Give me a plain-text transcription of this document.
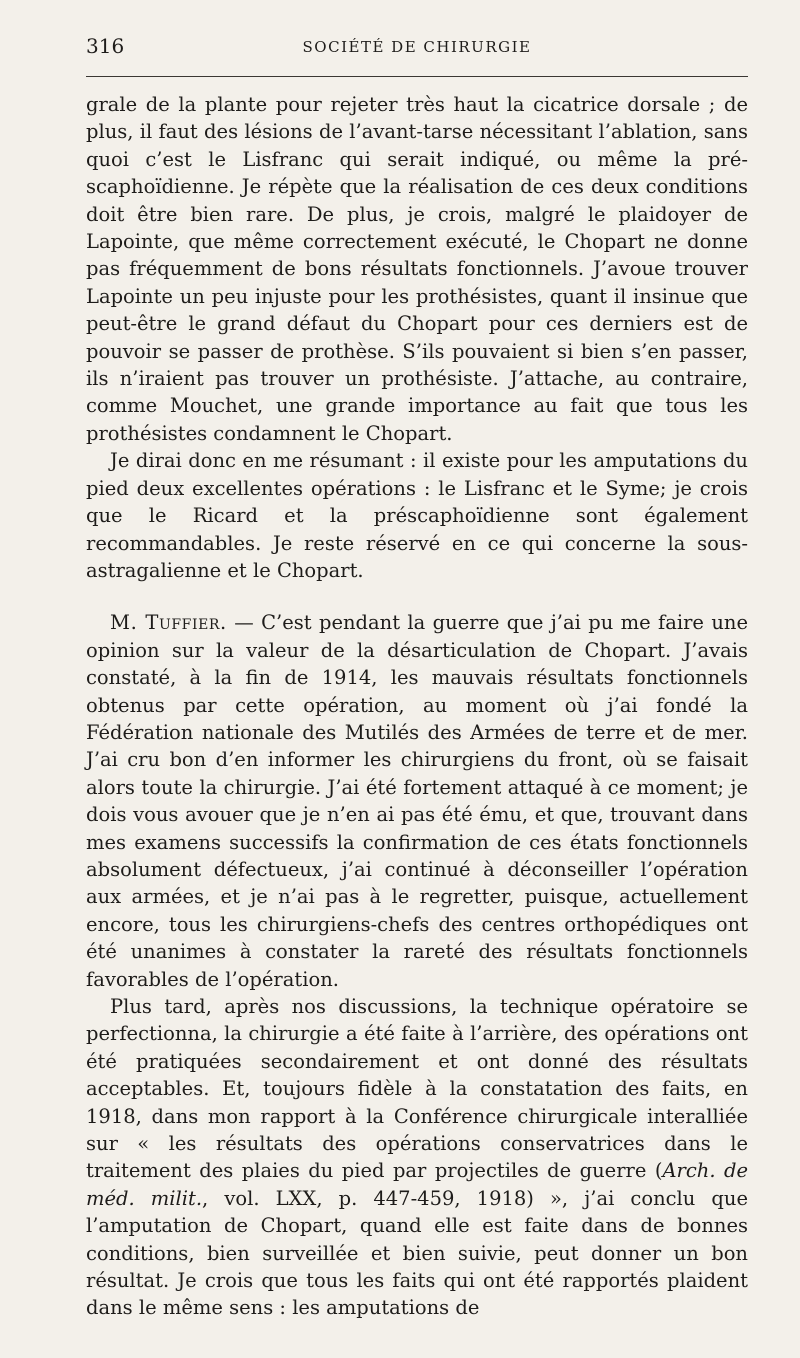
316	SOCIÉTÉ DE CHIRURGIE

grale de la plante pour rejeter très haut la cicatrice dorsale ; de plus, il faut des lésions de l’avant-tarse nécessitant l’ablation, sans quoi c’est le Lisfranc qui serait indiqué, ou même la pré-scaphoïdienne. Je répète que la réalisation de ces deux conditions doit être bien rare. De plus, je crois, malgré le plaidoyer de Lapointe, que même correctement exécuté, le Chopart ne donne pas fréquemment de bons résultats fonctionnels. J’avoue trouver Lapointe un peu injuste pour les prothésistes, quant il insinue que peut-être le grand défaut du Chopart pour ces derniers est de pouvoir se passer de prothèse. S’ils pouvaient si bien s’en passer, ils n’iraient pas trouver un prothésiste. J’attache, au contraire, comme Mouchet, une grande importance au fait que tous les prothésistes condamnent le Chopart.

Je dirai donc en me résumant : il existe pour les amputations du pied deux excellentes opérations : le Lisfranc et le Syme; je crois que le Ricard et la préscaphoïdienne sont également recommandables. Je reste réservé en ce qui concerne la sous-astragalienne et le Chopart.

M. Tuffier. — C’est pendant la guerre que j’ai pu me faire une opinion sur la valeur de la désarticulation de Chopart. J’avais constaté, à la fin de 1914, les mauvais résultats fonctionnels obtenus par cette opération, au moment où j’ai fondé la Fédération nationale des Mutilés des Armées de terre et de mer. J’ai cru bon d’en informer les chirurgiens du front, où se faisait alors toute la chirurgie. J’ai été fortement attaqué à ce moment; je dois vous avouer que je n’en ai pas été ému, et que, trouvant dans mes examens successifs la confirmation de ces états fonctionnels absolument défectueux, j’ai continué à déconseiller l’opération aux armées, et je n’ai pas à le regretter, puisque, actuellement encore, tous les chirurgiens-chefs des centres orthopédiques ont été unanimes à constater la rareté des résultats fonctionnels favorables de l’opération.

Plus tard, après nos discussions, la technique opératoire se perfectionna, la chirurgie a été faite à l’arrière, des opérations ont été pratiquées secondairement et ont donné des résultats acceptables. Et, toujours fidèle à la constatation des faits, en 1918, dans mon rapport à la Conférence chirurgicale interalliée sur « les résultats des opérations conservatrices dans le traitement des plaies du pied par projectiles de guerre (Arch. de méd. milit., vol. LXX, p. 447-459, 1918) », j’ai conclu que l’amputation de Chopart, quand elle est faite dans de bonnes conditions, bien surveillée et bien suivie, peut donner un bon résultat. Je crois que tous les faits qui ont été rapportés plaident dans le même sens : les amputations de
